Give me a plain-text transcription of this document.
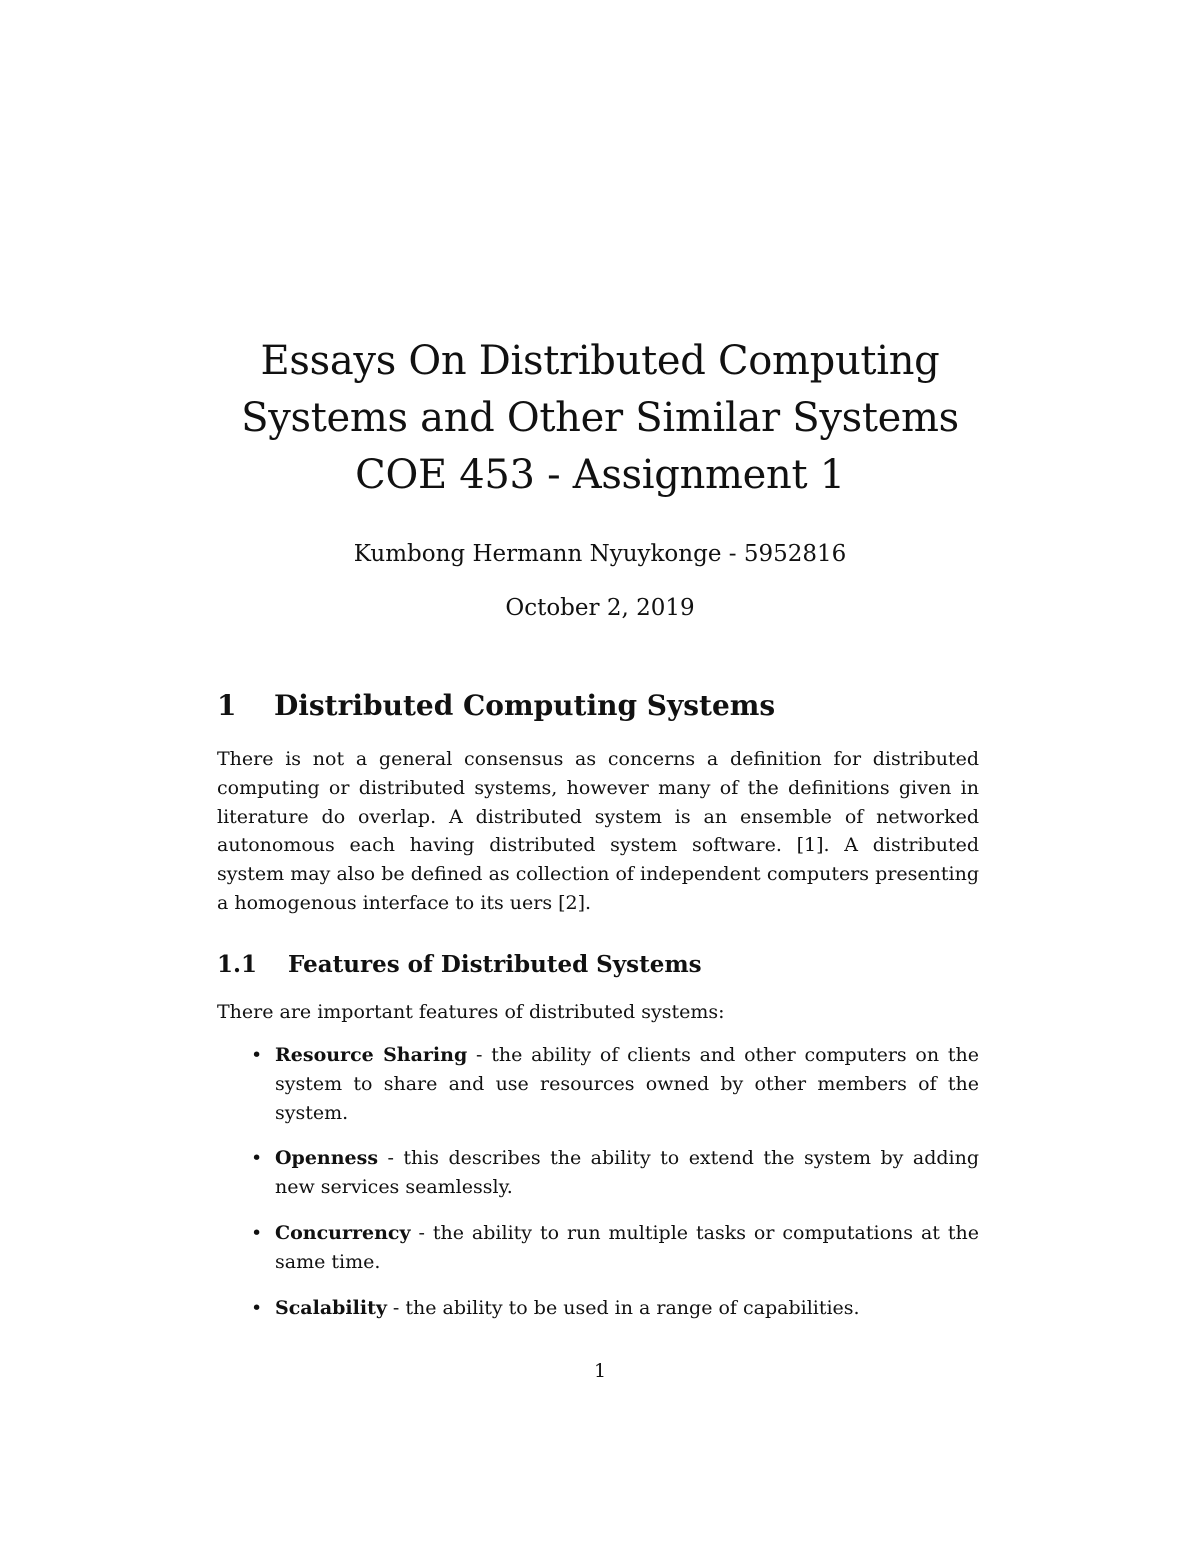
Essays On Distributed Computing
Systems and Other Similar Systems
COE 453 - Assignment 1
Kumbong Hermann Nyuykonge - 5952816
October 2, 2019
1 Distributed Computing Systems

There is not a general consensus as concerns a definition for distributed computing or distributed systems, however many of the definitions given in literature do overlap. A distributed system is an ensemble of networked autonomous each having distributed system software. [1]. A distributed system may also be defined as collection of independent computers presenting a homogenous interface to its uers [2].

1.1 Features of Distributed Systems

There are important features of distributed systems:

• Resource Sharing - the ability of clients and other computers on the system to share and use resources owned by other members of the system.
• Openness - this describes the ability to extend the system by adding new services seamlessly.
• Concurrency - the ability to run multiple tasks or computations at the same time.
• Scalability - the ability to be used in a range of capabilities.
1
